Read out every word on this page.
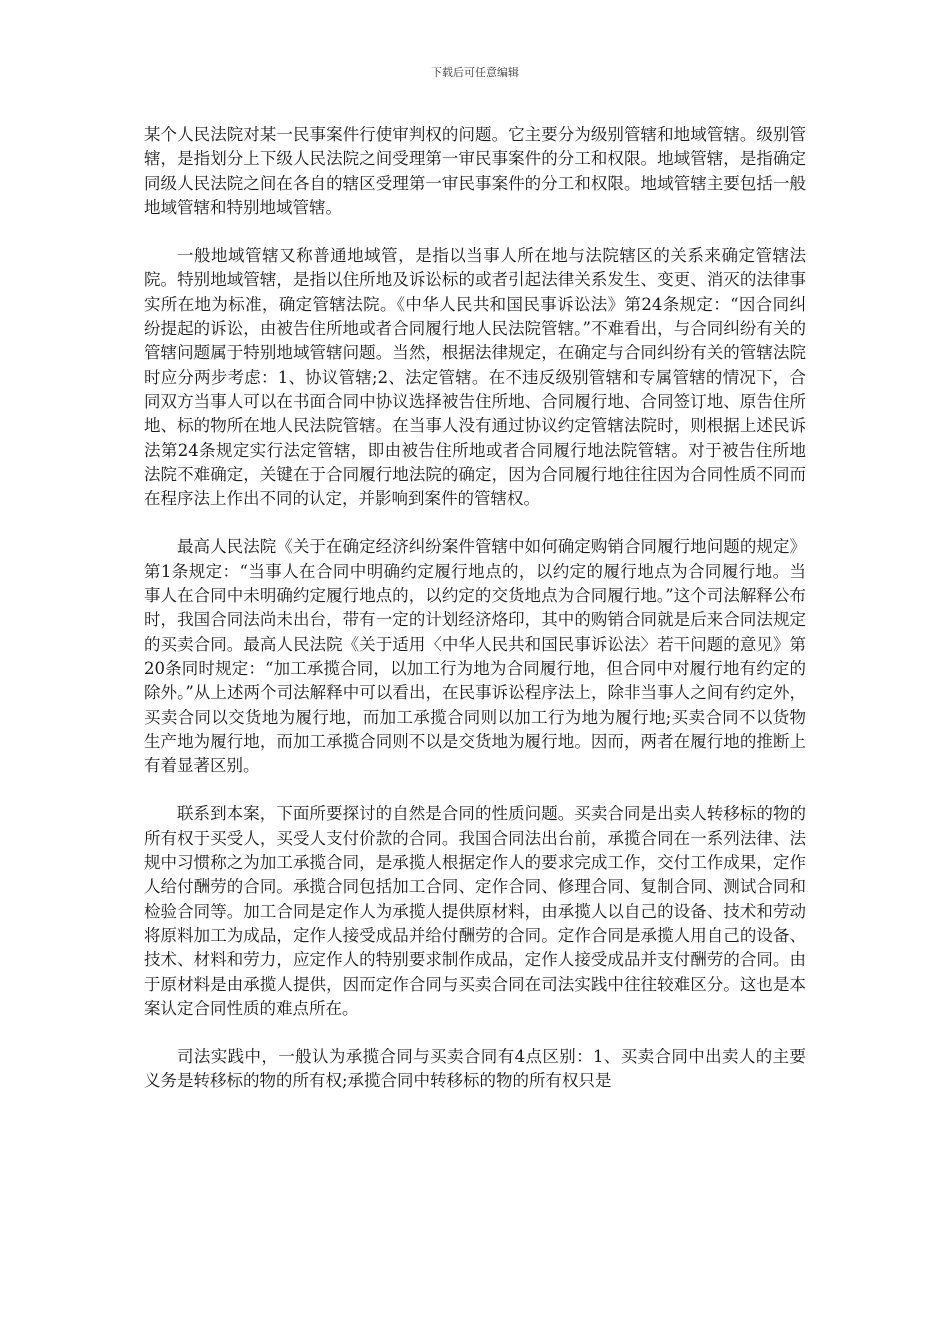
下载后可任意编辑

某个人民法院对某一民事案件行使审判权的问题。它主要分为级别管辖和地域管辖。级别管辖，是指划分上下级人民法院之间受理第一审民事案件的分工和权限。地域管辖，是指确定同级人民法院之间在各自的辖区受理第一审民事案件的分工和权限。地域管辖主要包括一般地域管辖和特别地域管辖。

一般地域管辖又称普通地域管，是指以当事人所在地与法院辖区的关系来确定管辖法院。特别地域管辖，是指以住所地及诉讼标的或者引起法律关系发生、变更、消灭的法律事实所在地为标准，确定管辖法院。《中华人民共和国民事诉讼法》第24条规定：“因合同纠纷提起的诉讼，由被告住所地或者合同履行地人民法院管辖。”不难看出，与合同纠纷有关的管辖问题属于特别地域管辖问题。当然，根据法律规定，在确定与合同纠纷有关的管辖法院时应分两步考虑：1、协议管辖;2、法定管辖。在不违反级别管辖和专属管辖的情况下，合同双方当事人可以在书面合同中协议选择被告住所地、合同履行地、合同签订地、原告住所地、标的物所在地人民法院管辖。在当事人没有通过协议约定管辖法院时，则根据上述民诉法第24条规定实行法定管辖，即由被告住所地或者合同履行地法院管辖。对于被告住所地法院不难确定，关键在于合同履行地法院的确定，因为合同履行地往往因为合同性质不同而在程序法上作出不同的认定，并影响到案件的管辖权。

最高人民法院《关于在确定经济纠纷案件管辖中如何确定购销合同履行地问题的规定》第1条规定：“当事人在合同中明确约定履行地点的，以约定的履行地点为合同履行地。当事人在合同中未明确约定履行地点的，以约定的交货地点为合同履行地。”这个司法解释公布时，我国合同法尚未出台，带有一定的计划经济烙印，其中的购销合同就是后来合同法规定的买卖合同。最高人民法院《关于适用〈中华人民共和国民事诉讼法〉若干问题的意见》第20条同时规定：“加工承揽合同，以加工行为地为合同履行地，但合同中对履行地有约定的除外。”从上述两个司法解释中可以看出，在民事诉讼程序法上，除非当事人之间有约定外，买卖合同以交货地为履行地，而加工承揽合同则以加工行为地为履行地;买卖合同不以货物生产地为履行地，而加工承揽合同则不以是交货地为履行地。因而，两者在履行地的推断上有着显著区别。

联系到本案，下面所要探讨的自然是合同的性质问题。买卖合同是出卖人转移标的物的所有权于买受人，买受人支付价款的合同。我国合同法出台前，承揽合同在一系列法律、法规中习惯称之为加工承揽合同，是承揽人根据定作人的要求完成工作，交付工作成果，定作人给付酬劳的合同。承揽合同包括加工合同、定作合同、修理合同、复制合同、测试合同和检验合同等。加工合同是定作人为承揽人提供原材料，由承揽人以自己的设备、技术和劳动将原料加工为成品，定作人接受成品并给付酬劳的合同。定作合同是承揽人用自己的设备、技术、材料和劳力，应定作人的特别要求制作成品，定作人接受成品并支付酬劳的合同。由于原材料是由承揽人提供，因而定作合同与买卖合同在司法实践中往往较难区分。这也是本案认定合同性质的难点所在。

司法实践中，一般认为承揽合同与买卖合同有4点区别：1、买卖合同中出卖人的主要义务是转移标的物的所有权;承揽合同中转移标的物的所有权只是
